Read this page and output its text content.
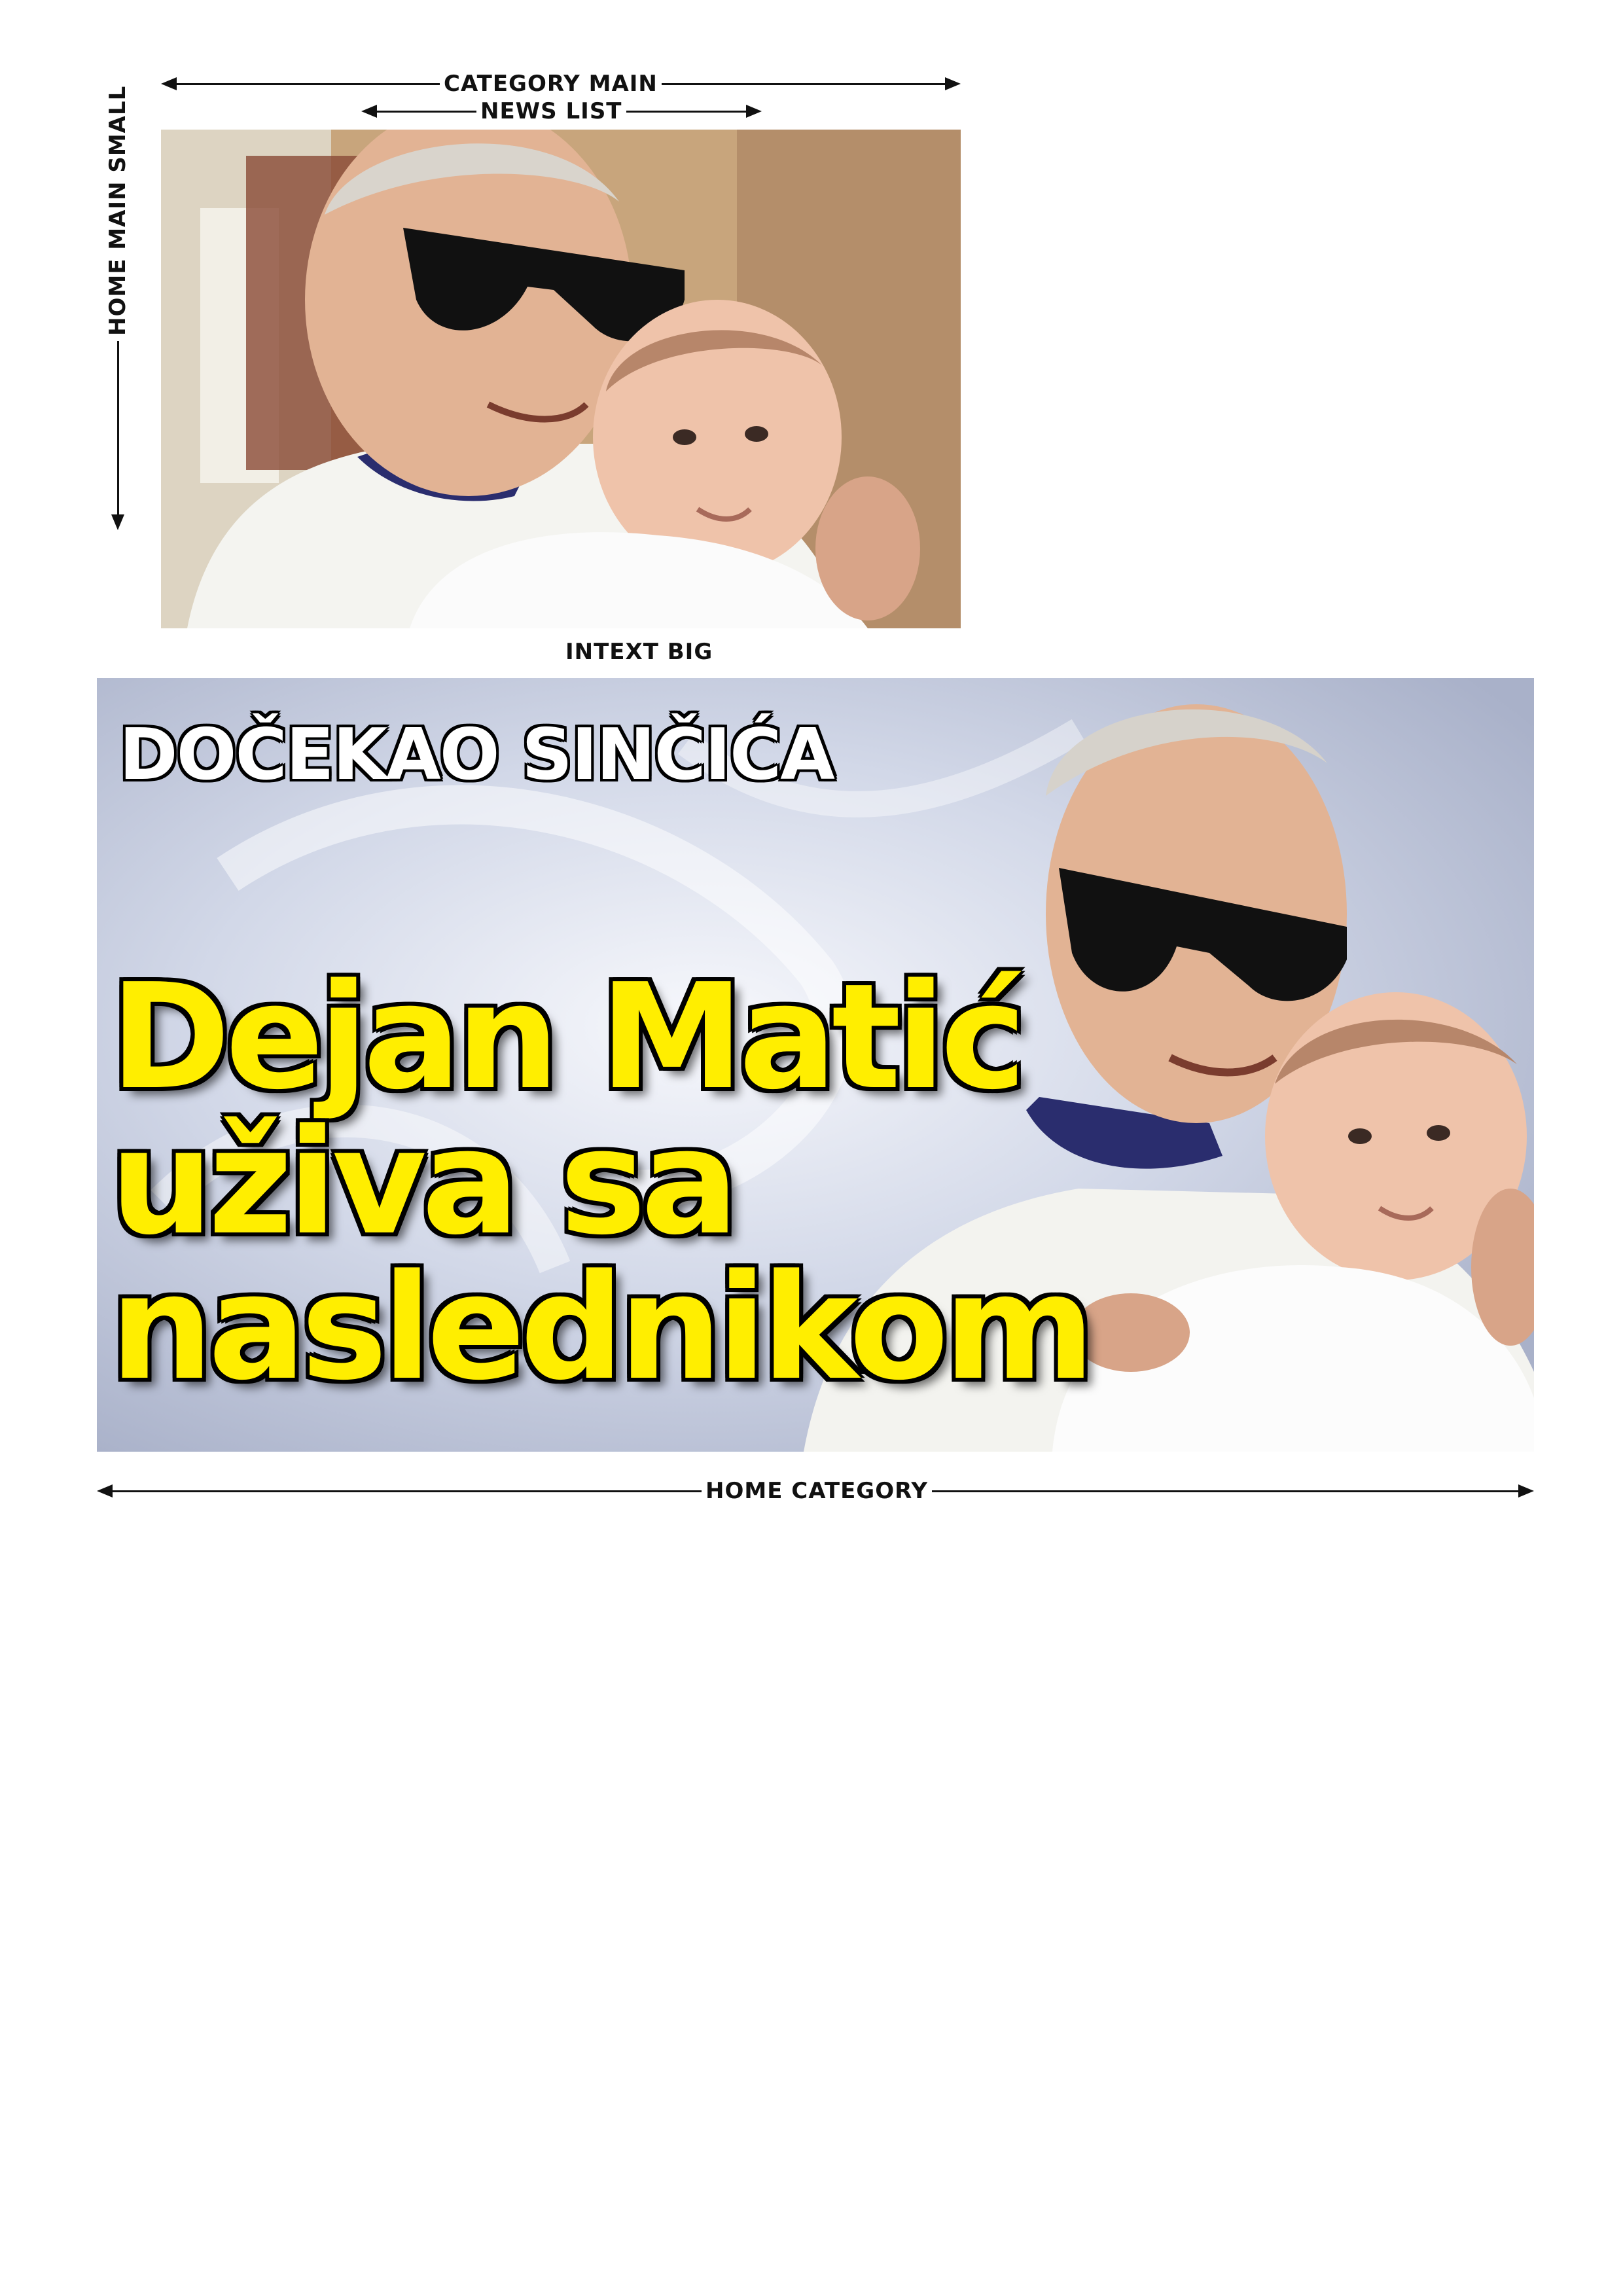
CATEGORY MAIN
NEWS LIST
HOME MAIN SMALL
INTEXT BIG
DOČEKAO SINČIĆA
Dejan Matić
uživa sa
naslednikom
HOME CATEGORY
